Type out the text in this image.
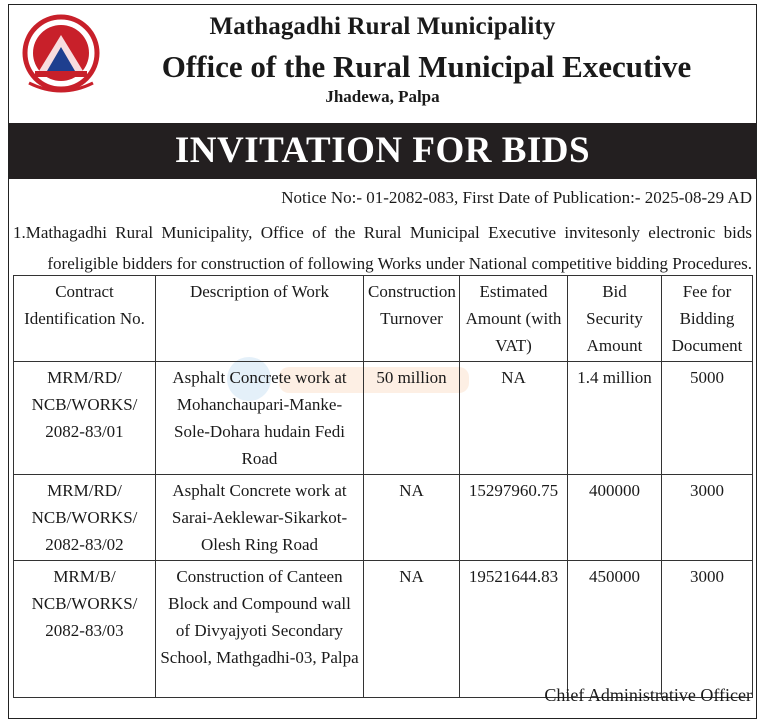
Mathagadhi Rural Municipality
Office of the Rural Municipal Executive
Jhadewa, Palpa
INVITATION FOR BIDS
Notice No:- 01-2082-083, First Date of Publication:- 2025-08-29 AD
1.Mathagadhi Rural Municipality, Office of the Rural Municipal Executive invitesonly electronic bids foreligible bidders for construction of following Works under National competitive bidding Procedures.
Contract Identification No.	Description of Work	Construction Turnover	Estimated Amount (with VAT)	Bid Security Amount	Fee for Bidding Document
MRM/RD/ NCB/WORKS/ 2082-83/01	Asphalt Concrete work at Mohanchaupari-Manke-Sole-Dohara hudain Fedi Road	50 million	NA	1.4 million	5000
MRM/RD/ NCB/WORKS/ 2082-83/02	Asphalt Concrete work at Sarai-Aeklewar-Sikarkot-Olesh Ring Road	NA	15297960.75	400000	3000
MRM/B/ NCB/WORKS/ 2082-83/03	Construction of Canteen Block and Compound wall of Divyajyoti Secondary School, Mathgadhi-03, Palpa	NA	19521644.83	450000	3000
Chief Administrative Officer
